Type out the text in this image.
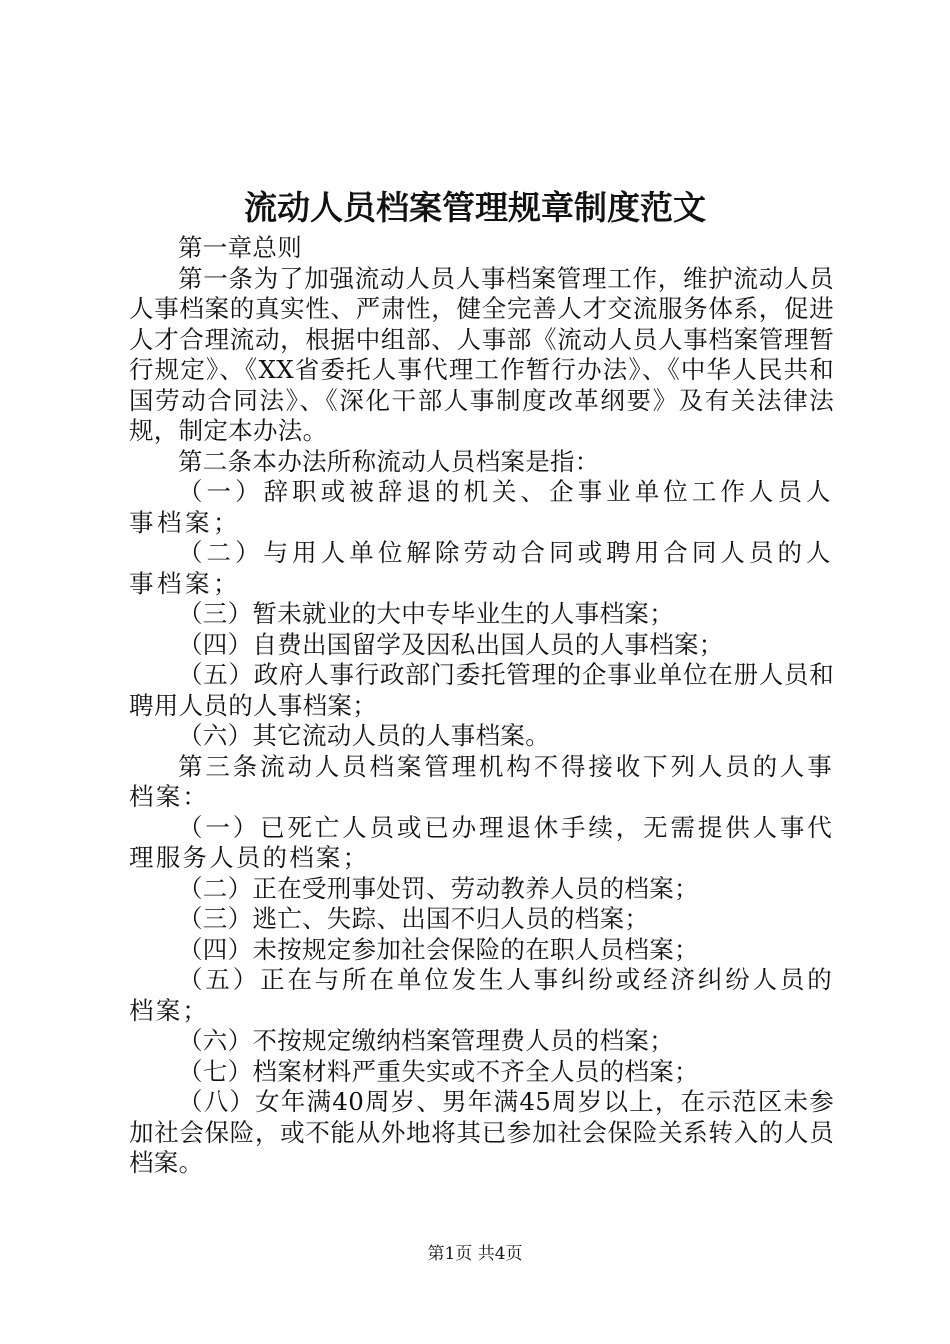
流动人员档案管理规章制度范文

第一章总则

第一条为了加强流动人员人事档案管理工作，维护流动人员人事档案的真实性、严肃性，健全完善人才交流服务体系，促进人才合理流动，根据中组部、人事部《流动人员人事档案管理暂行规定》、《XX省委托人事代理工作暂行办法》、《中华人民共和国劳动合同法》、《深化干部人事制度改革纲要》及有关法律法规，制定本办法。

第二条本办法所称流动人员档案是指：

（一）辞职或被辞退的机关、企事业单位工作人员人事档案；

（二）与用人单位解除劳动合同或聘用合同人员的人事档案；

（三）暂未就业的大中专毕业生的人事档案；

（四）自费出国留学及因私出国人员的人事档案；

（五）政府人事行政部门委托管理的企事业单位在册人员和聘用人员的人事档案；

（六）其它流动人员的人事档案。

第三条流动人员档案管理机构不得接收下列人员的人事档案：

（一）已死亡人员或已办理退休手续，无需提供人事代理服务人员的档案；

（二）正在受刑事处罚、劳动教养人员的档案；

（三）逃亡、失踪、出国不归人员的档案；

（四）未按规定参加社会保险的在职人员档案；

（五）正在与所在单位发生人事纠纷或经济纠纷人员的档案；

（六）不按规定缴纳档案管理费人员的档案；

（七）档案材料严重失实或不齐全人员的档案；

（八）女年满40周岁、男年满45周岁以上，在示范区未参加社会保险，或不能从外地将其已参加社会保险关系转入的人员档案。

第1页 共4页
